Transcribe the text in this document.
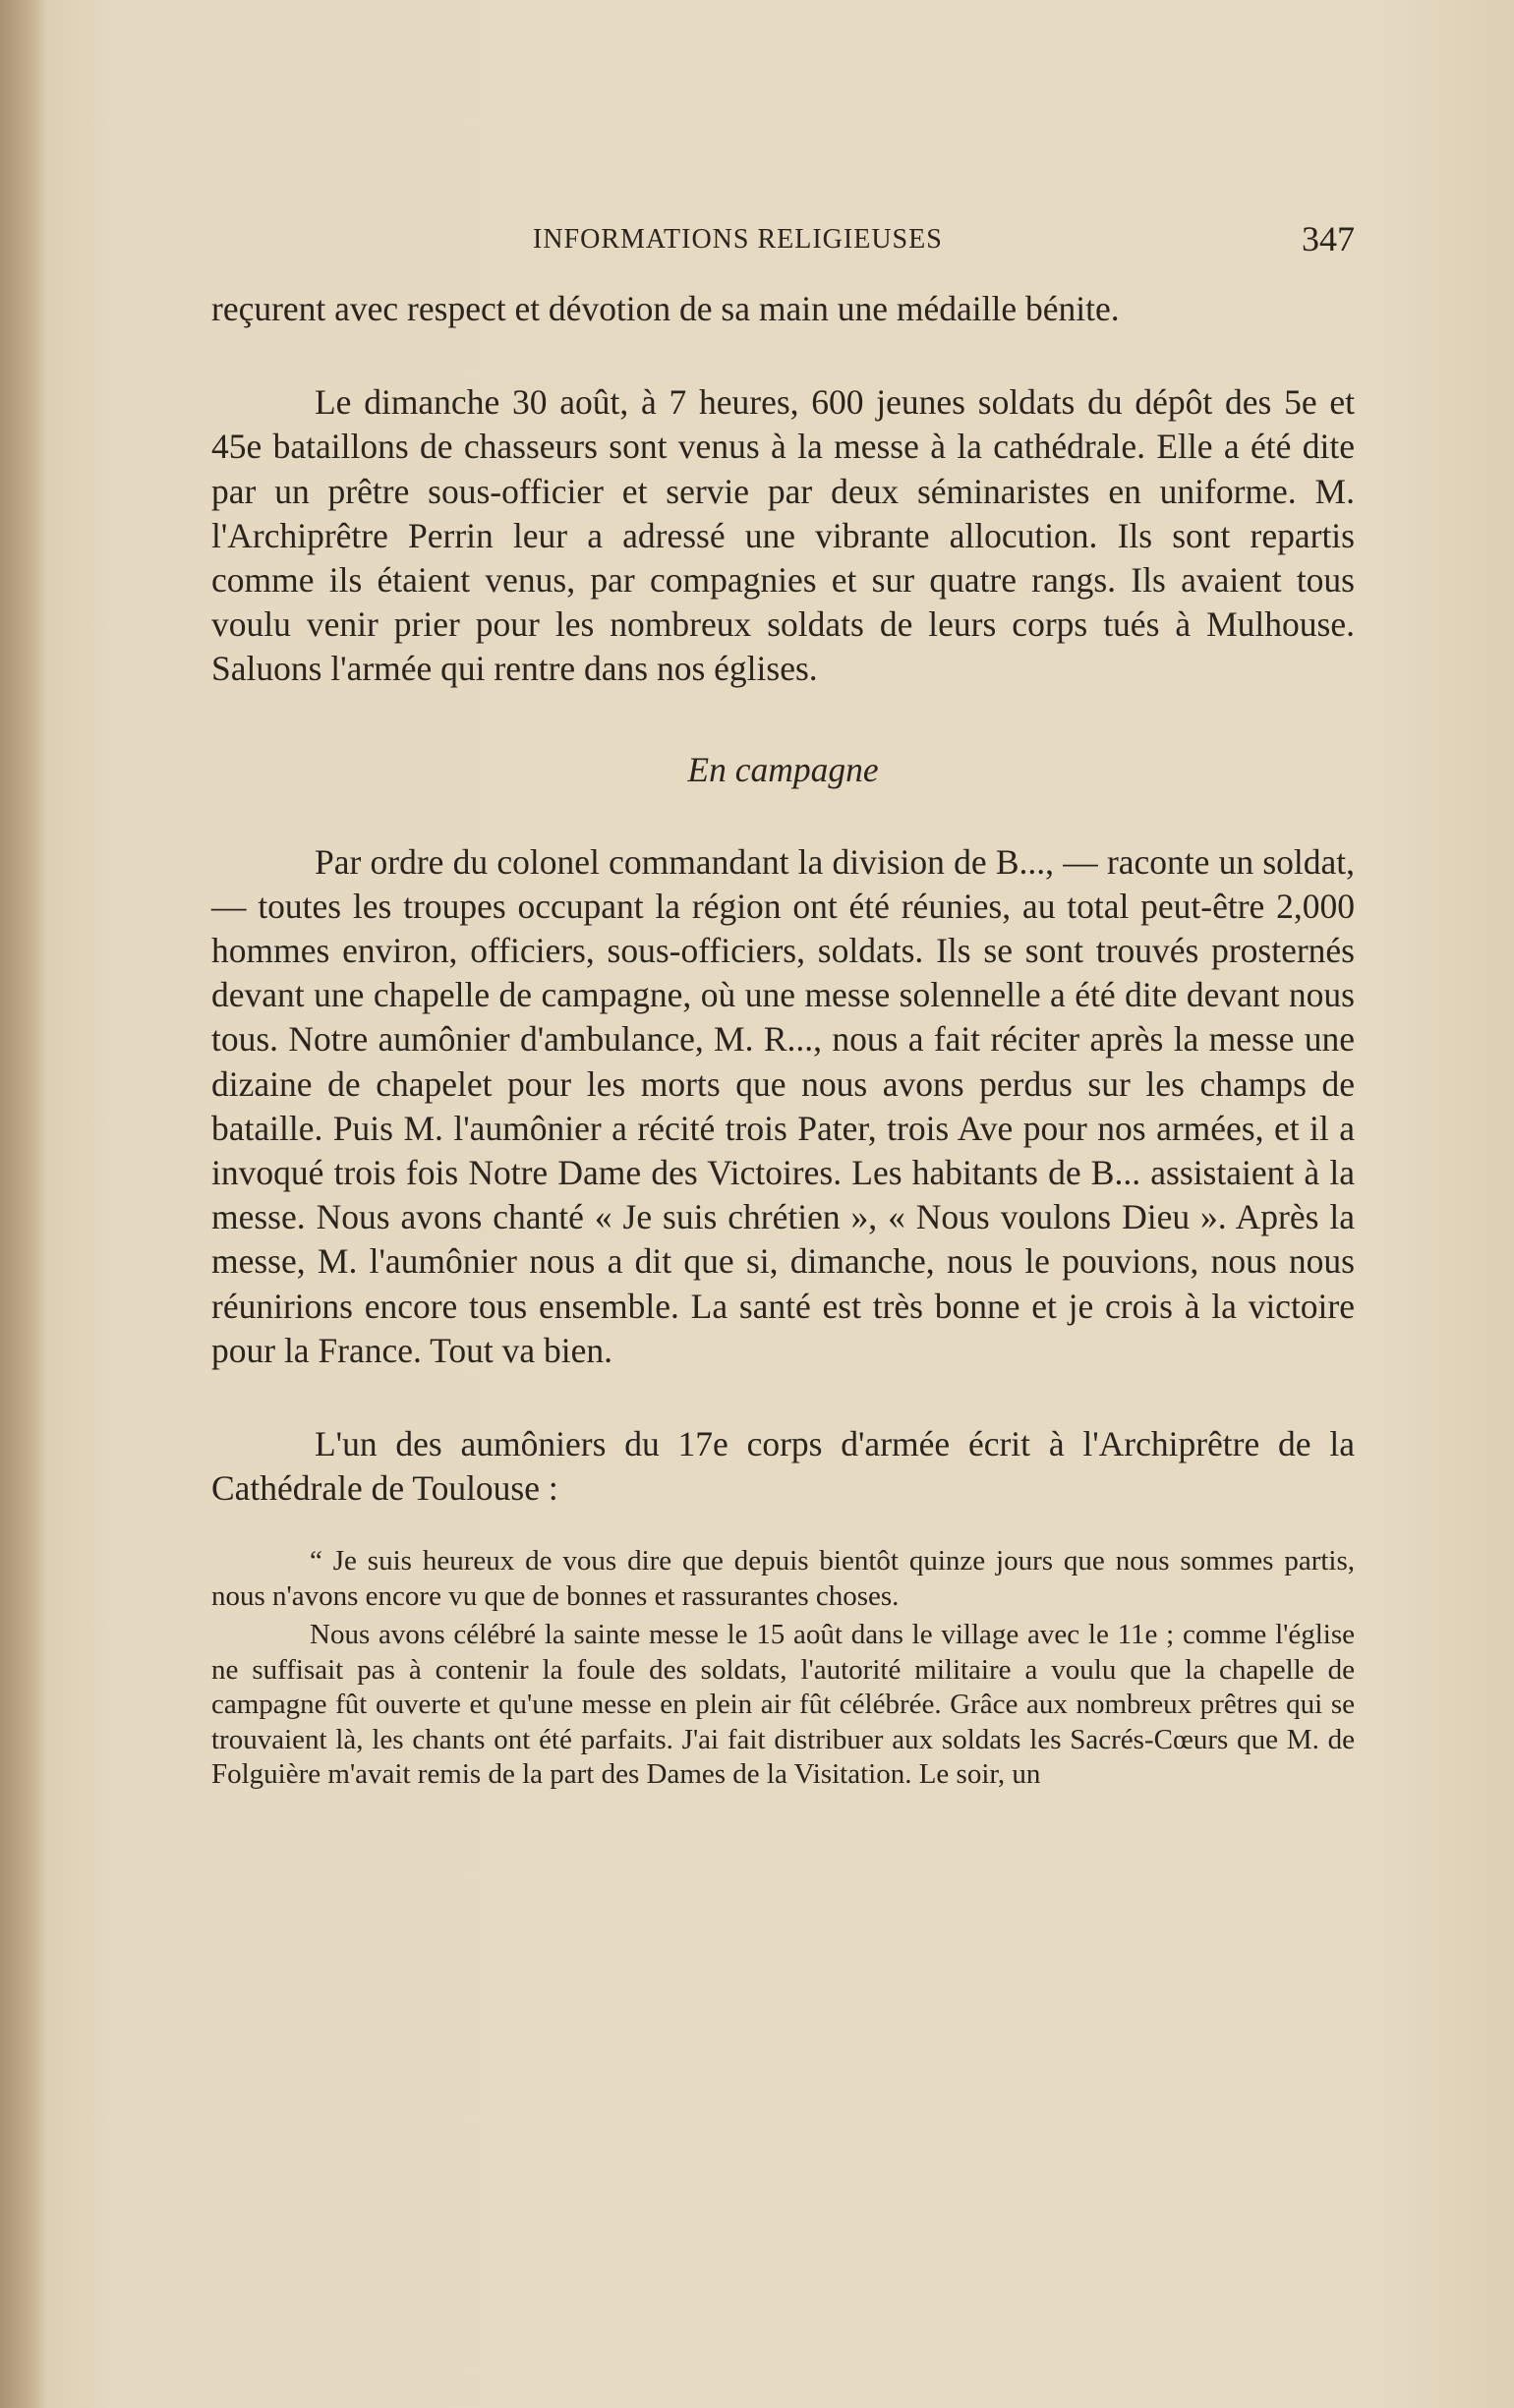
INFORMATIONS RELIGIEUSES	347

reçurent avec respect et dévotion de sa main une médaille bénite.

Le dimanche 30 août, à 7 heures, 600 jeunes soldats du dépôt des 5e et 45e bataillons de chasseurs sont venus à la messe à la cathédrale. Elle a été dite par un prêtre sous-officier et servie par deux séminaristes en uniforme. M. l'Archiprêtre Perrin leur a adressé une vibrante allocution. Ils sont repartis comme ils étaient venus, par compagnies et sur quatre rangs. Ils avaient tous voulu venir prier pour les nombreux soldats de leurs corps tués à Mulhouse. Saluons l'armée qui rentre dans nos églises.

En campagne

Par ordre du colonel commandant la division de B..., — raconte un soldat, — toutes les troupes occupant la région ont été réunies, au total peut-être 2,000 hommes environ, officiers, sous-officiers, soldats. Ils se sont trouvés prosternés devant une chapelle de campagne, où une messe solennelle a été dite devant nous tous. Notre aumônier d'ambulance, M. R..., nous a fait réciter après la messe une dizaine de chapelet pour les morts que nous avons perdus sur les champs de bataille. Puis M. l'aumônier a récité trois Pater, trois Ave pour nos armées, et il a invoqué trois fois Notre Dame des Victoires. Les habitants de B... assistaient à la messe. Nous avons chanté « Je suis chrétien », « Nous voulons Dieu ». Après la messe, M. l'aumônier nous a dit que si, dimanche, nous le pouvions, nous nous réunirions encore tous ensemble. La santé est très bonne et je crois à la victoire pour la France. Tout va bien.

L'un des aumôniers du 17e corps d'armée écrit à l'Archiprêtre de la Cathédrale de Toulouse :

“ Je suis heureux de vous dire que depuis bientôt quinze jours que nous sommes partis, nous n'avons encore vu que de bonnes et rassurantes choses.

Nous avons célébré la sainte messe le 15 août dans le village avec le 11e ; comme l'église ne suffisait pas à contenir la foule des soldats, l'autorité militaire a voulu que la chapelle de campagne fût ouverte et qu'une messe en plein air fût célébrée. Grâce aux nombreux prêtres qui se trouvaient là, les chants ont été parfaits. J'ai fait distribuer aux soldats les Sacrés-Cœurs que M. de Folguière m'avait remis de la part des Dames de la Visitation. Le soir, un
